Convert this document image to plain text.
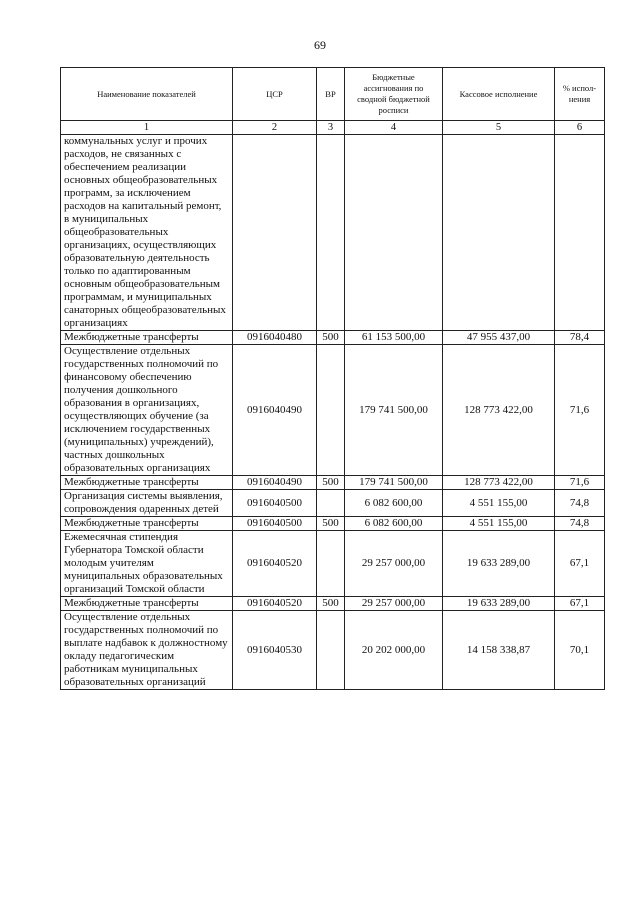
69
Наименование показателей	ЦСР	ВР	Бюджетные ассигнования по сводной бюджетной росписи	Кассовое исполнение	% испол- нения
1	2	3	4	5	6
коммунальных услуг и прочих расходов, не связанных с обеспечением реализации основных общеобразовательных программ, за исключением расходов на капитальный ремонт, в муниципальных общеобразовательных организациях, осуществляющих образовательную деятельность только по адаптированным основным общеобразовательным программам, и муниципальных санаторных общеобразовательных организациях					
Межбюджетные трансферты	0916040480	500	61 153 500,00	47 955 437,00	78,4
Осуществление отдельных государственных полномочий по финансовому обеспечению получения дошкольного образования в организациях, осуществляющих обучение (за исключением государственных (муниципальных) учреждений), частных дошкольных образовательных организациях	0916040490		179 741 500,00	128 773 422,00	71,6
Межбюджетные трансферты	0916040490	500	179 741 500,00	128 773 422,00	71,6
Организация системы выявления, сопровождения одаренных детей	0916040500		6 082 600,00	4 551 155,00	74,8
Межбюджетные трансферты	0916040500	500	6 082 600,00	4 551 155,00	74,8
Ежемесячная стипендия Губернатора Томской области молодым учителям муниципальных образовательных организаций Томской области	0916040520		29 257 000,00	19 633 289,00	67,1
Межбюджетные трансферты	0916040520	500	29 257 000,00	19 633 289,00	67,1
Осуществление отдельных государственных полномочий по выплате надбавок к должностному окладу педагогическим работникам муниципальных образовательных организаций	0916040530		20 202 000,00	14 158 338,87	70,1
